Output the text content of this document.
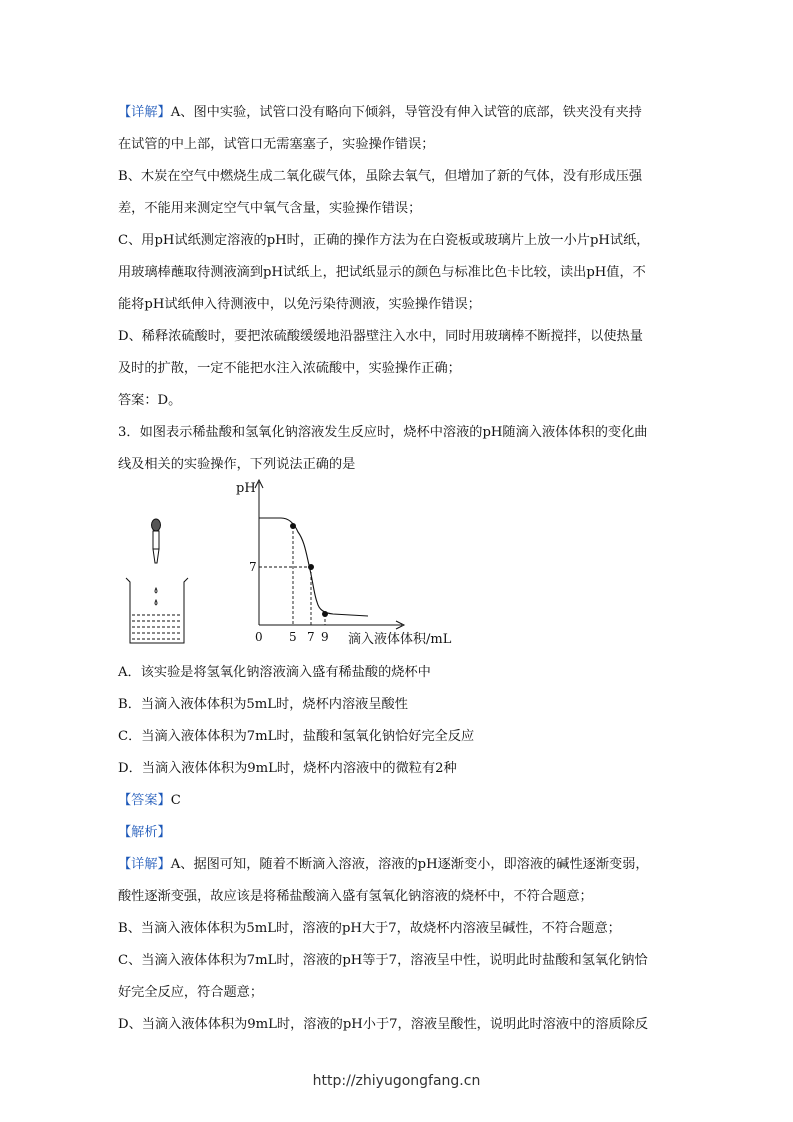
【详解】A、图中实验，试管口没有略向下倾斜，导管没有伸入试管的底部，铁夹没有夹持
在试管的中上部，试管口无需塞塞子，实验操作错误；
B、木炭在空气中燃烧生成二氧化碳气体，虽除去氧气，但增加了新的气体，没有形成压强
差，不能用来测定空气中氧气含量，实验操作错误；
C、用pH试纸测定溶液的pH时，正确的操作方法为在白瓷板或玻璃片上放一小片pH试纸，
用玻璃棒蘸取待测液滴到pH试纸上，把试纸显示的颜色与标准比色卡比较，读出pH值，不
能将pH试纸伸入待测液中，以免污染待测液，实验操作错误；
D、稀释浓硫酸时，要把浓硫酸缓缓地沿器壁注入水中，同时用玻璃棒不断搅拌，以使热量
及时的扩散，一定不能把水注入浓硫酸中，实验操作正确；
答案：D。
3．如图表示稀盐酸和氢氧化钠溶液发生反应时，烧杯中溶液的pH随滴入液体体积的变化曲
线及相关的实验操作，下列说法正确的是
pH
7
0 5 7 9 滴入液体体积/mL
A．该实验是将氢氧化钠溶液滴入盛有稀盐酸的烧杯中
B．当滴入液体体积为5mL时，烧杯内溶液呈酸性
C．当滴入液体体积为7mL时，盐酸和氢氧化钠恰好完全反应
D．当滴入液体体积为9mL时，烧杯内溶液中的微粒有2种
【答案】C
【解析】
【详解】A、据图可知，随着不断滴入溶液，溶液的pH逐渐变小，即溶液的碱性逐渐变弱，
酸性逐渐变强，故应该是将稀盐酸滴入盛有氢氧化钠溶液的烧杯中，不符合题意；
B、当滴入液体体积为5mL时，溶液的pH大于7，故烧杯内溶液呈碱性，不符合题意；
C、当滴入液体体积为7mL时，溶液的pH等于7，溶液呈中性，说明此时盐酸和氢氧化钠恰
好完全反应，符合题意；
D、当滴入液体体积为9mL时，溶液的pH小于7，溶液呈酸性，说明此时溶液中的溶质除反
http://zhiyugongfang.cn
